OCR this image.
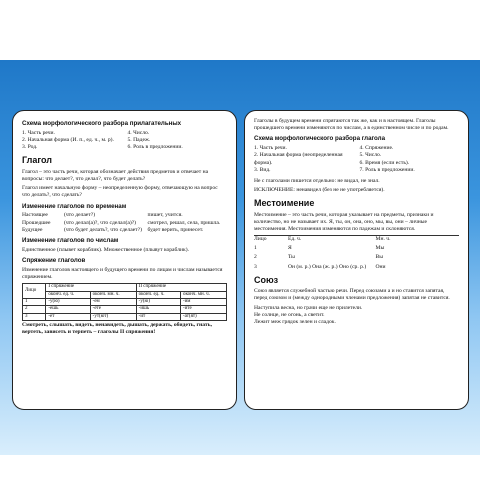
Схема морфологического разбора прилагательных
1. Часть речи.
2. Начальная форма (И. п., ед. ч., м. р).
3. Род.
4. Число.
5. Падеж.
6. Роль в предложении.
Глагол
Глагол – это часть речи, которая обозначает действия предметов и отвечает на вопросы: что делает?, что делал?, что будет делать?
Глагол имеет начальную форму – неопределенную форму, отвечающую на вопрос что делать?, что сделать?
Изменение глаголов по временам
Настоящее	(что делает?)	пишет, учится.
Прошедшее	(что делал(а)?, что сделал(а)?)	смотрел, решал, села, пришла.
Будущее	(что будет делать?, что сделает?) будет верить, принесет.
Изменение глаголов по числам
Единственное (плывет кораблик). Множественное (плывут кораблик).
Спряжение глаголов
Изменение глаголов настоящего и будущего времени по лицам и числам называется спряжением.
Лицо	I спряжение		II спряжение	
	оконч. ед. ч.	оконч. мн. ч.	оконч. ед. ч.	оконч. мн. ч.
1	-у(ю)	-ем	-у(ю)	-им
2	-ешь	-ете	-ишь	-ите
3	-ет	-ут(ют)	-ит	-ат(ят)
Смотреть, слышать, видеть, ненавидеть, дышать, держать, обидеть, гнать, вертеть, зависеть и терпеть – глаголы II спряжения!
Глаголы в будущем времени спрягаются так же, как и в настоящем. Глаголы прошедшего времени изменяются по числам, а в единственном числе и по родам.
Схема морфологического разбора глагола
1. Часть речи.
2. Начальная форма (неопределенная форма).
3. Вид.
4. Спряжение.
5. Число.
6. Время (если есть).
7. Роль в предложении.
Не с глаголами пишется отдельно: не видал, не знал.
ИСКЛЮЧЕНИЕ: ненавидел (без не не употребляется).
Местоимение
Местоимение – это часть речи, которая указывает на предметы, признаки и количество, но не называет их. Я, ты, он, она, оно, мы, вы, они – личные местоимения. Местоимения изменяются по падежам и склоняются.
Лицо	Ед. ч.	Мн. ч.
1	Я	Мы
2	Ты	Вы
3	Он (м. р.) Она (ж. р.) Оно (ср. р.)	Они
Союз
Союз является служебной частью речи. Перед союзами а и но ставится запятая, перед союзом и (между однородными членами предложения) запятая не ставится.
Наступила весна, но грачи еще не прилетели.
Не солнце, не огонь, а светит.
Лежит меж грядок зелен и сладок.
